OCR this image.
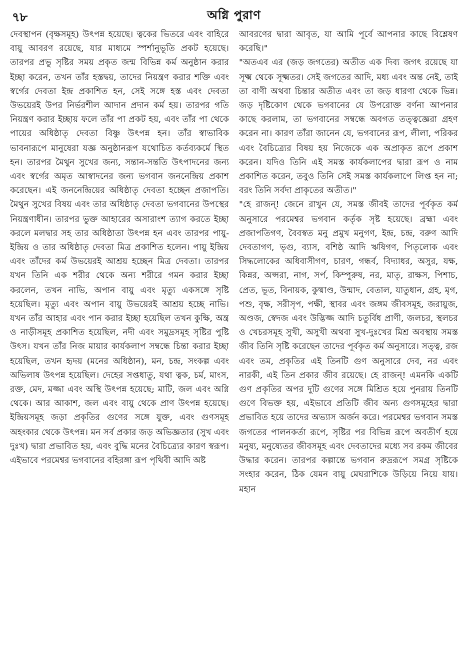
৭৮	অগ্নি পুরাণ

দেবস্থাপন (বৃক্ষসমূহ) উৎপন্ন হয়েছে। ত্বকের ভিতরে এবং বাহিরে বায়ু আবরণ রয়েছে, যার মাধ্যমে স্পর্শানুভূতি প্রকট হয়েছে। তারপর প্রভু সৃষ্টির সময় প্রকৃত জন্ম বিভিন্ন কর্ম অনুষ্ঠান করার ইচ্ছা করেন, তখন তাঁর হস্তদ্বয়, তাদের নিয়ন্ত্রণ করার শক্তি এবং স্বর্গের দেবতা ইন্দ্র প্রকাশিত হন, সেই সঙ্গে হস্ত এবং দেবতা উভয়েরই উপর নির্ভরশীল আদান প্রদান কর্ম হয়। তারপর গতি নিয়ন্ত্রণ করার ইচ্ছায় ফলে তাঁর পা প্রকট হয়, এবং তাঁর পা থেকে পায়ের অধিষ্ঠাতৃ দেবতা বিষ্ণু উৎপন্ন হন। তাঁর স্বাভাবিক ভাবনারূপে মানুষেরা যজ্ঞ অনুষ্ঠানরূপ যথোচিত কর্তব্যকর্মে স্থিত হন। তারপর মৈথুন সুখের জন্য, সন্তান-সন্ততি উৎপাদনের জন্য এবং স্বর্গের অমৃত আস্বাদনের জন্য ভগবান জননেন্দ্রিয় প্রকাশ করেছেন। এই জননেন্দ্রিয়ের অধিষ্ঠাতৃ দেবতা হচ্ছেন প্রজাপতি। মৈথুন সুখের বিষয় এবং তার অধিষ্ঠাতৃ দেবতা ভগবানের উপস্থের নিয়ন্ত্রণাধীন। তারপর ভুক্ত আহারের অসারাংশ ত্যাগ করতে ইচ্ছা করলে মলদ্বার সহ তার অধিষ্ঠাতা উৎপন্ন হন এবং তারপর পায়ু-ইন্দ্রিয় ও তার অধিষ্ঠাতৃ দেবতা মিত্র প্রকাশিত হলেন। পায়ু ইন্দ্রিয় এবং তাঁদের কর্ম উভয়েরই আশ্রয় হচ্ছেন মিত্র দেবতা। তারপর যখন তিনি এক শরীর থেকে অন্য শরীরে গমন করার ইচ্ছা করলেন, তখন নাভি, অপান বায়ু এবং মৃত্যু একসঙ্গে সৃষ্টি হয়েছিল। মৃত্যু এবং অপান বায়ু উভয়েরই আশ্রয় হচ্ছে নাভি। যখন তাঁর আহার এবং পান করার ইচ্ছা হয়েছিল তখন কুক্ষি, অন্ত্র ও নাড়ীসমূহ প্রকাশিত হয়েছিল, নদী এবং সমুদ্রসমূহ সৃষ্টির পুষ্টি উৎস। যখন তাঁর নিজ মায়ার কার্যকলাপ সম্বন্ধে চিন্তা করার ইচ্ছা হয়েছিল, তখন হৃদয় (মনের অধিষ্ঠান), মন, চন্দ্র, সংকল্প এবং অভিলাষ উৎপন্ন হয়েছিল। দেহের সপ্তধাতু, যথা ত্বক, চর্ম, মাংস, রক্ত, মেদ, মজ্জা এবং অস্থি উৎপন্ন হয়েছে; মাটি, জল এবং অগ্নি থেকে। আর আকাশ, জল এবং বায়ু থেকে প্রাণ উৎপন্ন হয়েছে। ইন্দ্রিয়সমূহ জড়া প্রকৃতির গুণের সঙ্গে যুক্ত, এবং গুণসমূহ অহংকার থেকে উৎপন্ন। মন সর্ব প্রকার জড় অভিজ্ঞতার (সুখ এবং দুঃখ) দ্বারা প্রভাবিত হয়, এবং বুদ্ধি মনের বৈচিত্র্যের কারণ স্বরূপ। এইভাবে পরমেশ্বর ভগবানের বহিরঙ্গা রূপ পৃথিবী আদি অষ্ট

আবরণের দ্বারা আবৃত, যা আমি পূর্বে আপনার কাছে বিশ্লেষণ করেছি।"

"অতএব এর (জড় জগতের) অতীত এক দিব্য জগৎ রয়েছে যা সূক্ষ্ম থেকে সূক্ষ্মতর। সেই জগতের আদি, মধ্য এবং অন্ত নেই, তাই তা বাণী অথবা চিন্তার অতীত এবং তা জড় ধারণা থেকে ভিন্ন। জড় দৃষ্টিকোণ থেকে ভগবানের যে উপরোক্ত বর্ণনা আপনার কাছে করলাম, তা ভগবানের সম্বন্ধে অবগত তত্ত্বজ্ঞেরা গ্রহণ করেন না। কারণ তাঁরা জানেন যে, ভগবানের রূপ, লীলা, পরিকর এবং বৈচিত্র্যের বিষয় হয় নিজেকে এক অপ্রাকৃত রূপে প্রকাশ করেন। যদিও তিনি এই সমস্ত কার্যকলাপের দ্বারা রূপ ও নাম প্রকাশিত করেন, তবুও তিনি সেই সমস্ত কার্যকলাপে লিপ্ত হন না; বরং তিনি সর্বদা প্রাকৃতের অতীত।"

"হে রাজন্! জেনে রাখুন যে, সমস্ত জীবই তাদের পূর্বকৃত কর্ম অনুসারে পরমেশ্বর ভগবান কর্তৃক সৃষ্ট হয়েছে। ব্রহ্মা এবং প্রজাপতিগণ, বৈবস্বত মনু প্রমুখ মনুগণ, ইন্দ্র, চন্দ্র, বরুণ আদি দেবতাগণ, ভৃগু, ব্যাস, বশিষ্ঠ আদি ঋষিগণ, পিতৃলোক এবং সিদ্ধলোকের অধিবাসীগণ, চারণ, গন্ধর্ব, বিদ্যাধর, অসুর, যক্ষ, কিন্নর, অপ্সরা, নাগ, সর্প, কিম্পুরুষ, নর, মাতৃ, রাক্ষস, পিশাচ, প্রেত, ভূত, বিনায়ক, কুষ্মাণ্ড, উন্মাদ, বেতাল, যাতুধান, গ্রহ, মৃগ, পশু, বৃক্ষ, সরীসৃপ, পক্ষী, স্থাবর এবং জঙ্গম জীবসমূহ, জরায়ুজ, অণ্ডজ, স্বেদজ এবং উদ্ভিজ্জ আদি চতুর্বিধ প্রাণী, জলচর, স্থলচর ও খেচরসমূহ সুখী, অসুখী অথবা সুখ-দুঃখের মিশ্র অবস্থায় সমস্ত জীব তিনি সৃষ্টি করেছেন তাদের পূর্বকৃত কর্ম অনুসারে। সত্ত্ব, রজ এবং তম, প্রকৃতির এই তিনটি গুণ অনুসারে দেব, নর এবং নারকী, এই তিন প্রকার জীব রয়েছে। হে রাজন্! এমনকি একটি গুণ প্রকৃতির অপর দুটি গুণের সঙ্গে মিশ্রিত হয়ে পুনরায় তিনটি গুণে বিভক্ত হয়, এইভাবে প্রতিটি জীব অন্য গুণসমূহের দ্বারা প্রভাবিত হয়ে তাদের অভ্যাস অর্জন করে। পরমেশ্বর ভগবান সমস্ত জগতের পালনকর্তা রূপে, সৃষ্টির পর বিভিন্ন রূপে অবতীর্ণ হয়ে মনুষ্য, মনুষ্যেতর জীবসমূহ এবং দেবতাদের মধ্যে সব রকম জীবের উদ্ধার করেন। তারপর কল্পান্তে ভগবান রুদ্ররূপে সমগ্র সৃষ্টিকে সংহার করেন, ঠিক যেমন বায়ু মেঘরাশিকে উড়িয়ে নিয়ে যায়। মহান
